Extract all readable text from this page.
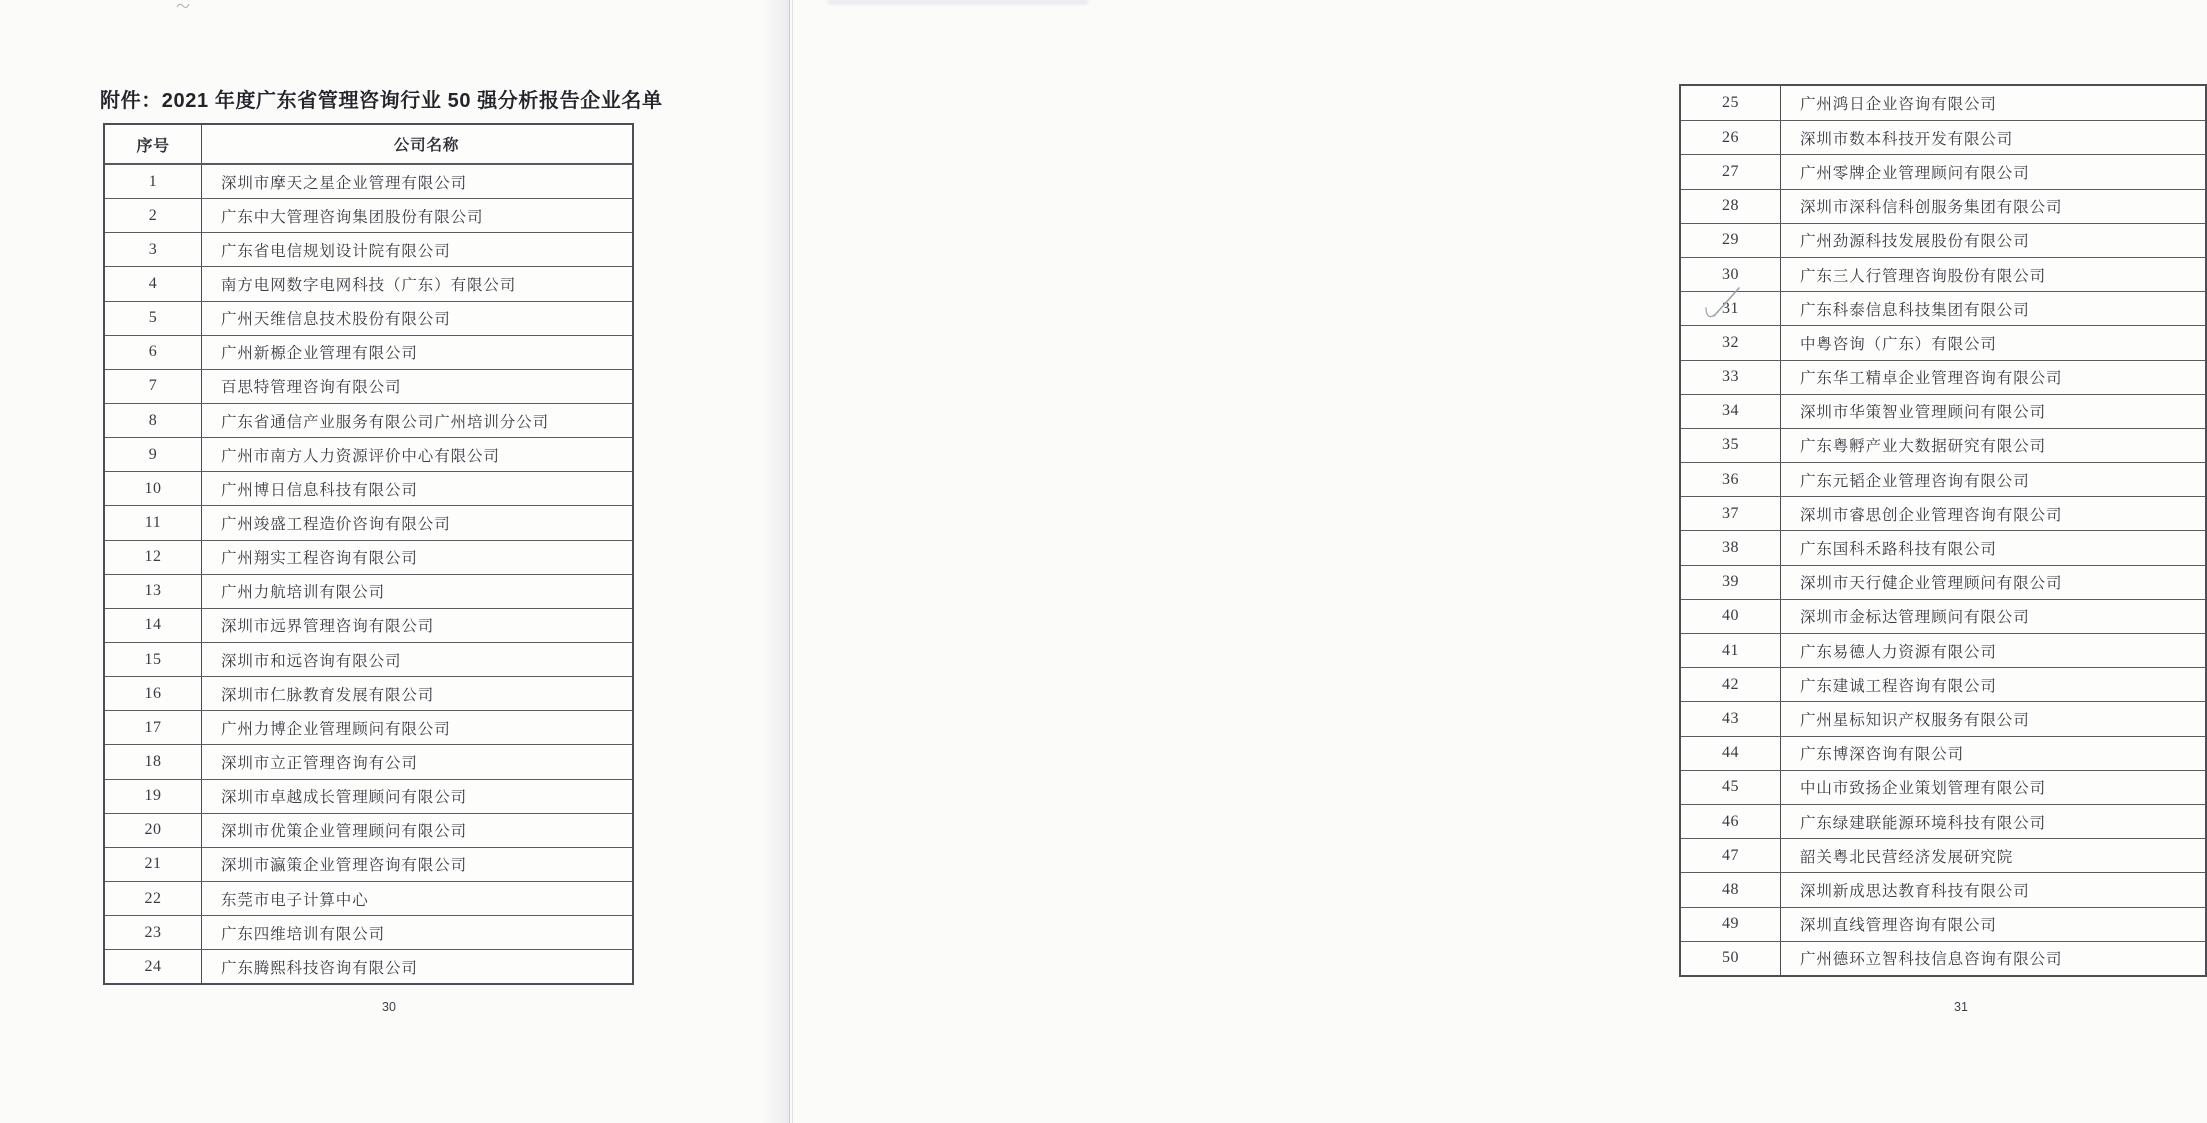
附件：2021 年度广东省管理咨询行业 50 强分析报告企业名单
序号	公司名称
1	深圳市摩天之星企业管理有限公司
2	广东中大管理咨询集团股份有限公司
3	广东省电信规划设计院有限公司
4	南方电网数字电网科技（广东）有限公司
5	广州天维信息技术股份有限公司
6	广州新榞企业管理有限公司
7	百思特管理咨询有限公司
8	广东省通信产业服务有限公司广州培训分公司
9	广州市南方人力资源评价中心有限公司
10	广州博日信息科技有限公司
11	广州竣盛工程造价咨询有限公司
12	广州翔实工程咨询有限公司
13	广州力航培训有限公司
14	深圳市远界管理咨询有限公司
15	深圳市和远咨询有限公司
16	深圳市仁脉教育发展有限公司
17	广州力博企业管理顾问有限公司
18	深圳市立正管理咨询有公司
19	深圳市卓越成长管理顾问有限公司
20	深圳市优策企业管理顾问有限公司
21	深圳市瀛策企业管理咨询有限公司
22	东莞市电子计算中心
23	广东四维培训有限公司
24	广东腾熙科技咨询有限公司
30
25	广州鸿日企业咨询有限公司
26	深圳市数本科技开发有限公司
27	广州零牌企业管理顾问有限公司
28	深圳市深科信科创服务集团有限公司
29	广州劲源科技发展股份有限公司
30	广东三人行管理咨询股份有限公司
31	广东科泰信息科技集团有限公司
32	中粤咨询（广东）有限公司
33	广东华工精卓企业管理咨询有限公司
34	深圳市华策智业管理顾问有限公司
35	广东粤孵产业大数据研究有限公司
36	广东元韬企业管理咨询有限公司
37	深圳市睿思创企业管理咨询有限公司
38	广东国科禾路科技有限公司
39	深圳市天行健企业管理顾问有限公司
40	深圳市金标达管理顾问有限公司
41	广东易德人力资源有限公司
42	广东建诚工程咨询有限公司
43	广州星标知识产权服务有限公司
44	广东博深咨询有限公司
45	中山市致扬企业策划管理有限公司
46	广东绿建联能源环境科技有限公司
47	韶关粤北民营经济发展研究院
48	深圳新成思达教育科技有限公司
49	深圳直线管理咨询有限公司
50	广州德环立智科技信息咨询有限公司
31
